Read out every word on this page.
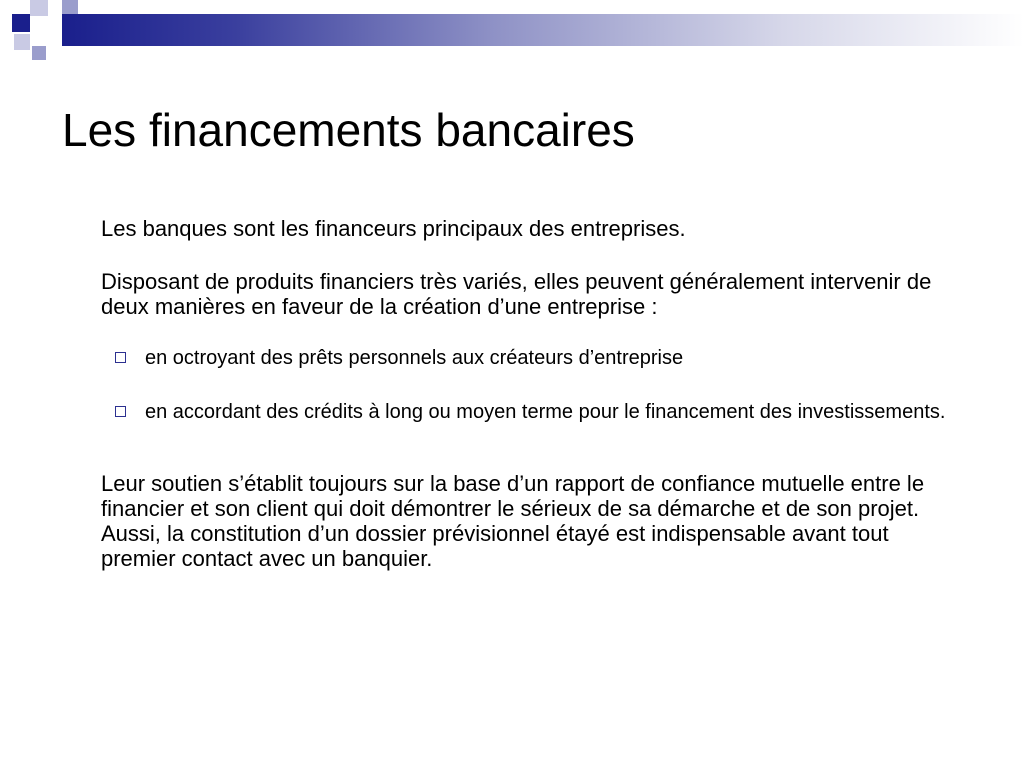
Les financements bancaires

Les banques sont les financeurs principaux des entreprises.

Disposant de produits financiers très variés, elles peuvent généralement intervenir de deux manières en faveur de la création d’une entreprise :

en octroyant des prêts personnels aux créateurs d’entreprise
en accordant des crédits à long ou moyen terme pour le financement des investissements.

Leur soutien s’établit toujours sur la base d’un rapport de confiance mutuelle entre le financier et son client qui doit démontrer le sérieux de sa démarche et de son projet. Aussi, la constitution d’un dossier prévisionnel étayé est indispensable avant tout premier contact avec un banquier.
